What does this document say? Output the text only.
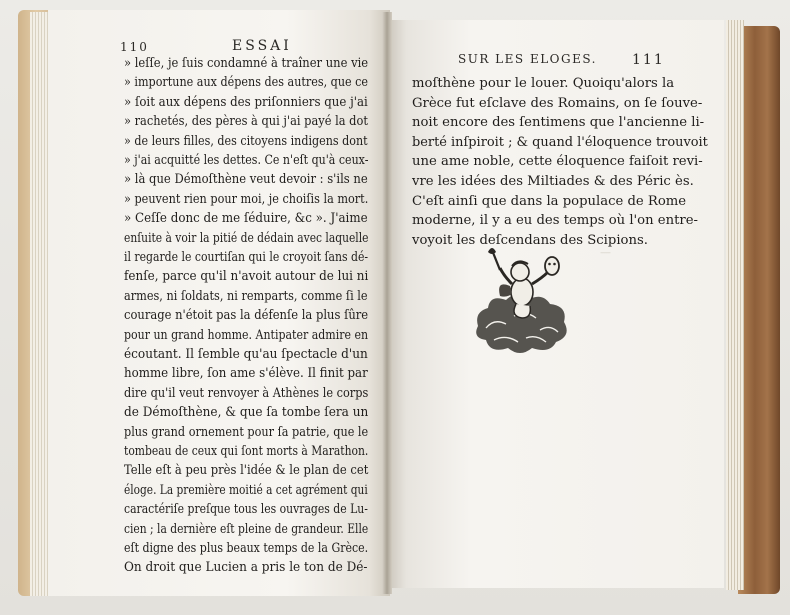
110	ESSAI
» leſſe, je ſuis condamné à traîner une vie
» importune aux dépens des autres, que ce
» ſoit aux dépens des priſonniers que j'ai
» rachetés, des pères à qui j'ai payé la dot
» de leurs filles, des citoyens indigens dont
» j'ai acquitté les dettes. Ce n'eſt qu'à ceux-
» là que Démoſthène veut devoir : s'ils ne
» peuvent rien pour moi, je choiſis la mort.
» Ceſſe donc de me ſéduire, &c ». J'aime
enſuite à voir la pitié de dédain avec laquelle
il regarde le courtiſan qui le croyoit ſans dé-
fenſe, parce qu'il n'avoit autour de lui ni
armes, ni ſoldats, ni remparts, comme ſi le
courage n'étoit pas la défenſe la plus ſûre
pour un grand homme. Antipater admire en
écoutant. Il ſemble qu'au ſpectacle d'un
homme libre, ſon ame s'élève. Il finit par
dire qu'il veut renvoyer à Athènes le corps
de Démoſthène, & que ſa tombe ſera un
plus grand ornement pour ſa patrie, que le
tombeau de ceux qui ſont morts à Marathon.
Telle eſt à peu près l'idée & le plan de cet
éloge. La première moitié a cet agrément qui
caractériſe preſque tous les ouvrages de Lu-
cien ; la dernière eſt pleine de grandeur. Elle
eſt digne des plus beaux temps de la Grèce.
On droit que Lucien a pris le ton de Dé-
SUR LES ELOGES.	111
moſthène pour le louer. Quoiqu'alors la
Grèce fut eſclave des Romains, on ſe ſouve-
noit encore des ſentimens que l'ancienne li-
berté inſpiroit ; & quand l'éloquence trouvoit
une ame noble, cette éloquence faiſoit revi-
vre les idées des Miltiades & des Péric ès.
C'eſt ainſi que dans la populace de Rome
moderne, il y a eu des temps où l'on entre-
voyoit les deſcendans des Scipions.
—
